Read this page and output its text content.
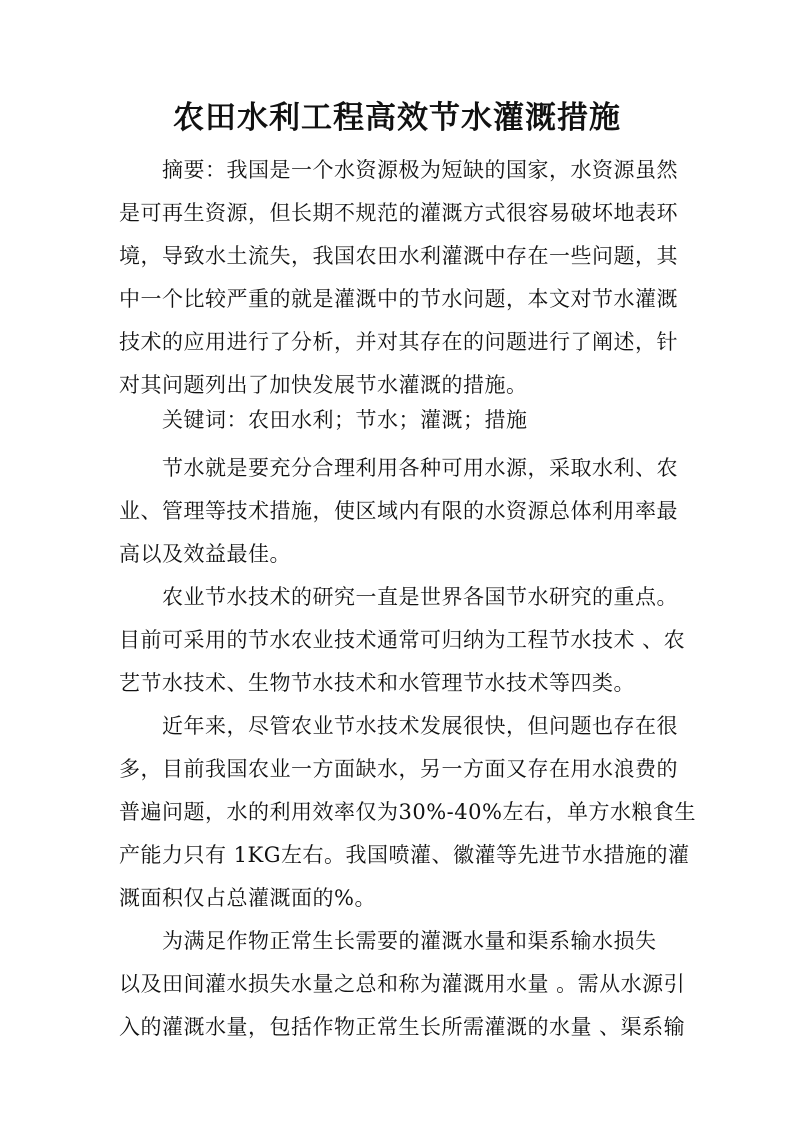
农田水利工程高效节水灌溉措施
摘要：我国是一个水资源极为短缺的国家，水资源虽然
是可再生资源，但长期不规范的灌溉方式很容易破坏地表环
境，导致水土流失，我国农田水利灌溉中存在一些问题，其
中一个比较严重的就是灌溉中的节水问题，本文对节水灌溉
技术的应用进行了分析，并对其存在的问题进行了阐述，针
对其问题列出了加快发展节水灌溉的措施。
关键词：农田水利；节水；灌溉；措施
节水就是要充分合理利用各种可用水源，采取水利、农
业、管理等技术措施，使区域内有限的水资源总体利用率最
高以及效益最佳。
农业节水技术的研究一直是世界各国节水研究的重点。
目前可采用的节水农业技术通常可归纳为工程节水技术 、农
艺节水技术、生物节水技术和水管理节水技术等四类。
近年来，尽管农业节水技术发展很快，但问题也存在很
多，目前我国农业一方面缺水，另一方面又存在用水浪费的
普遍问题，水的利用效率仅为30%-40%左右，单方水粮食生
产能力只有 1KG左右。我国喷灌、徽灌等先进节水措施的灌
溉面积仅占总灌溉面的%。
为满足作物正常生长需要的灌溉水量和渠系输水损失
以及田间灌水损失水量之总和称为灌溉用水量 。需从水源引
入的灌溉水量，包括作物正常生长所需灌溉的水量 、渠系输
